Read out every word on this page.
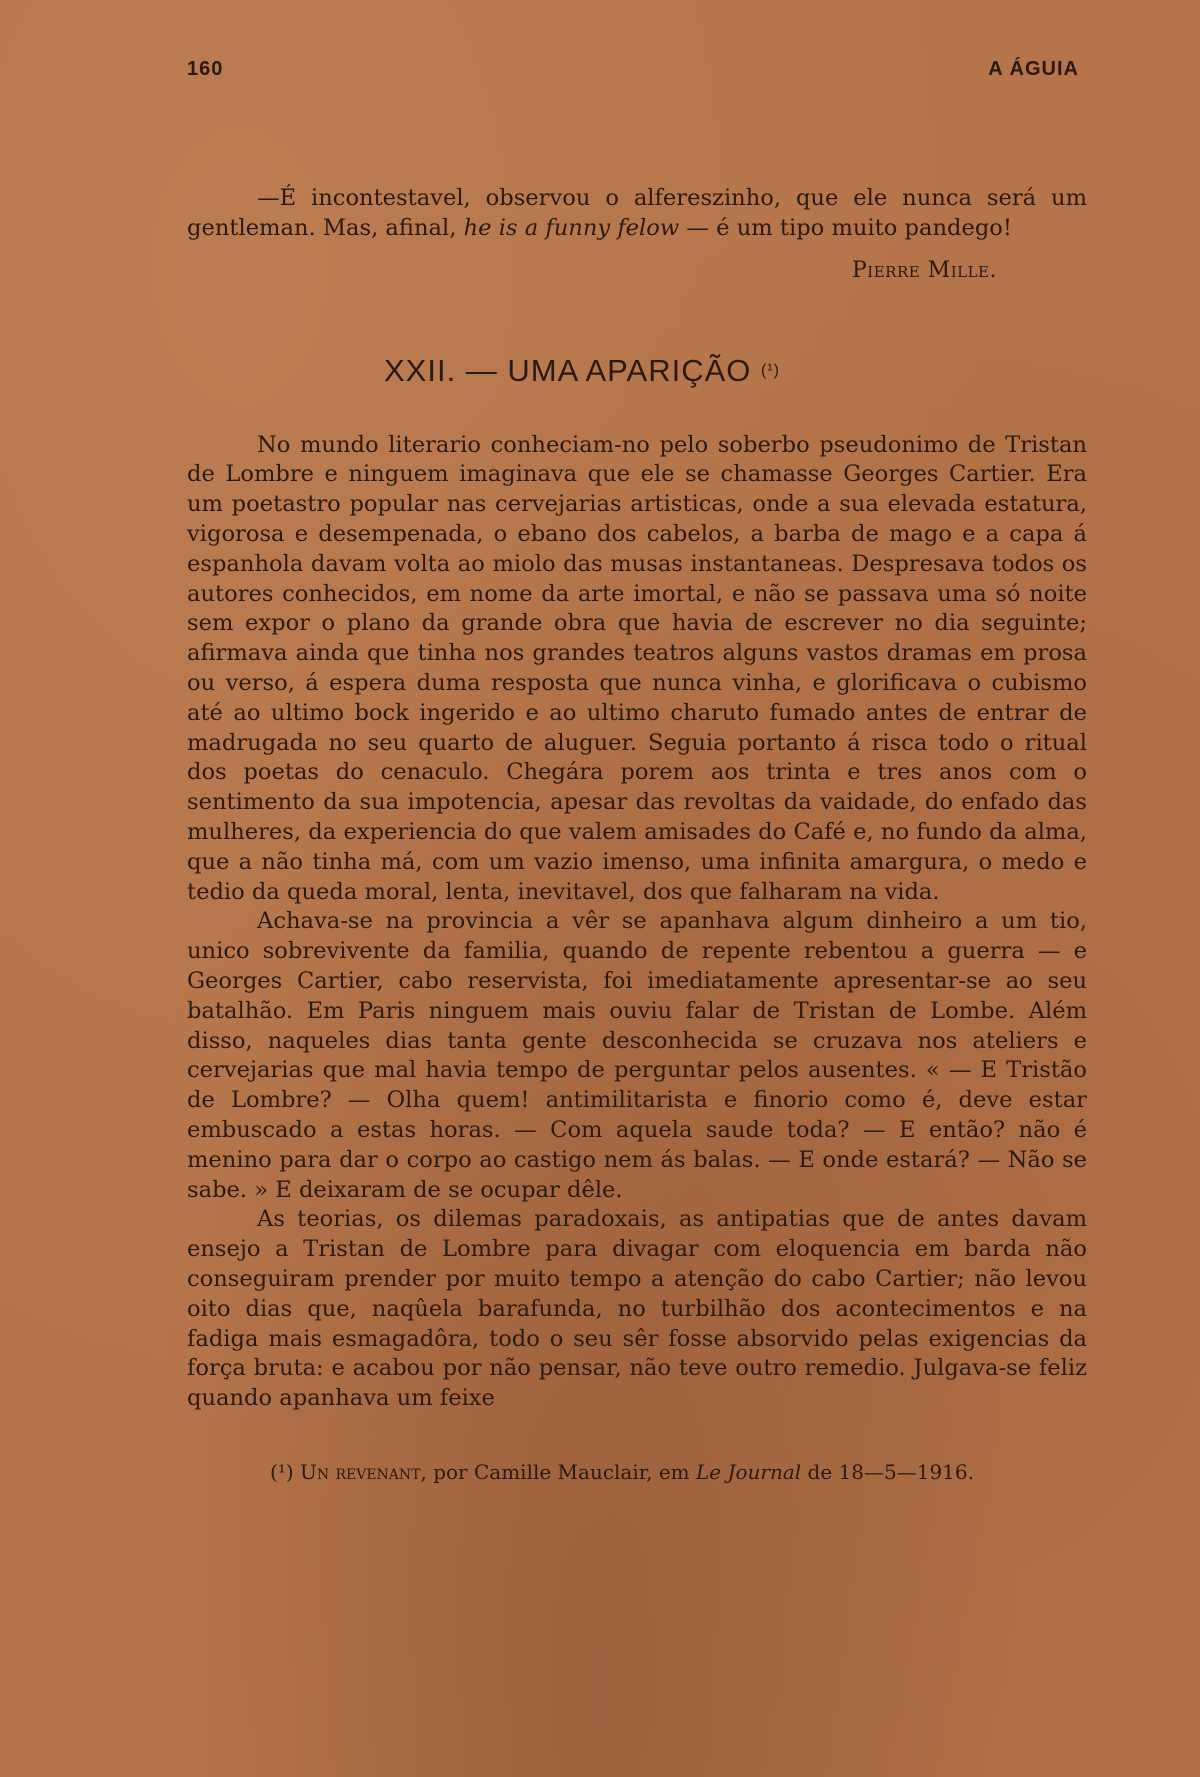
160	A ÁGUIA

—É incontestavel, observou o alfereszinho, que ele nunca será um gentleman. Mas, afinal, he is a funny felow — é um tipo muito pandego!

Pierre Mille.
XXII. — UMA APARIÇÃO $^{(^1)}$

No mundo literario conheciam-no pelo soberbo pseudonimo de Tristan de Lombre e ninguem imaginava que ele se chamasse Georges Cartier. Era um poetastro popular nas cervejarias artisticas, onde a sua elevada estatura, vigorosa e desempenada, o ebano dos cabelos, a barba de mago e a capa á espanhola davam volta ao miolo das musas instantaneas. Despresava todos os autores conhecidos, em nome da arte imortal, e não se passava uma só noite sem expor o plano da grande obra que havia de escrever no dia seguinte; afirmava ainda que tinha nos grandes teatros alguns vastos dramas em prosa ou verso, á espera duma resposta que nunca vinha, e glorificava o cubismo até ao ultimo bock ingerido e ao ultimo charuto fumado antes de entrar de madrugada no seu quarto de aluguer. Seguia portanto á risca todo o ritual dos poetas do cenaculo. Chegára porem aos trinta e tres anos com o sentimento da sua impotencia, apesar das revoltas da vaidade, do enfado das mulheres, da experiencia do que valem amisades do Café e, no fundo da alma, que a não tinha má, com um vazio imenso, uma infinita amargura, o medo e tedio da queda moral, lenta, inevitavel, dos que falharam na vida.

Achava-se na provincia a vêr se apanhava algum dinheiro a um tio, unico sobrevivente da familia, quando de repente rebentou a guerra — e Georges Cartier, cabo reservista, foi imediatamente apresentar-se ao seu batalhão. Em Paris ninguem mais ouviu falar de Tristan de Lombe. Além disso, naqueles dias tanta gente desconhecida se cruzava nos ateliers e cervejarias que mal havia tempo de perguntar pelos ausentes. « — E Tristão de Lombre? — Olha quem! antimilitarista e finorio como é, deve estar embuscado a estas horas. — Com aquela saude toda? — E então? não é menino para dar o corpo ao castigo nem ás balas. — E onde estará? — Não se sabe. » E deixaram de se ocupar dêle.

As teorias, os dilemas paradoxais, as antipatias que de antes davam ensejo a Tristan de Lombre para divagar com eloquencia em barda não conseguiram prender por muito tempo a atenção do cabo Cartier; não levou oito dias que, naqûela barafunda, no turbilhão dos acontecimentos e na fadiga mais esmagadôra, todo o seu sêr fosse absorvido pelas exigencias da força bruta: e acabou por não pensar, não teve outro remedio. Julgava-se feliz quando apanhava um feixe

(¹) Un revenant, por Camille Mauclair, em Le Journal de 18—5—1916.
